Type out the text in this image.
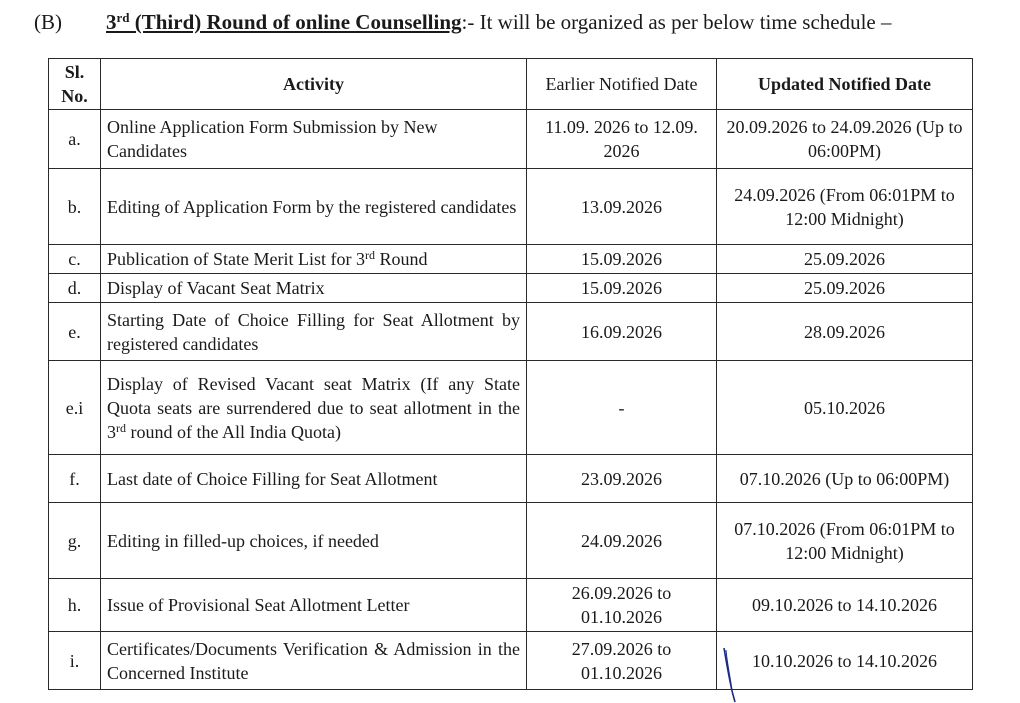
(B) 3rd (Third) Round of online Counselling:- It will be organized as per below time schedule –
Sl. No.	Activity	Earlier Notified Date	Updated Notified Date
a.	Online Application Form Submission by New Candidates	11.09. 2026 to 12.09. 2026	20.09.2026 to 24.09.2026 (Up to 06:00PM)
b.	Editing of Application Form by the registered candidates	13.09.2026	24.09.2026 (From 06:01PM to 12:00 Midnight)
c.	Publication of State Merit List for 3rd Round	15.09.2026	25.09.2026
d.	Display of Vacant Seat Matrix	15.09.2026	25.09.2026
e.	Starting Date of Choice Filling for Seat Allotment by registered candidates	16.09.2026	28.09.2026
e.i	Display of Revised Vacant seat Matrix (If any State Quota seats are surrendered due to seat allotment in the 3rd round of the All India Quota)	-	05.10.2026
f.	Last date of Choice Filling for Seat Allotment	23.09.2026	07.10.2026 (Up to 06:00PM)
g.	Editing in filled-up choices, if needed	24.09.2026	07.10.2026 (From 06:01PM to 12:00 Midnight)
h.	Issue of Provisional Seat Allotment Letter	26.09.2026 to 01.10.2026	09.10.2026 to 14.10.2026
i.	Certificates/Documents Verification & Admission in the Concerned Institute	27.09.2026 to 01.10.2026	10.10.2026 to 14.10.2026
